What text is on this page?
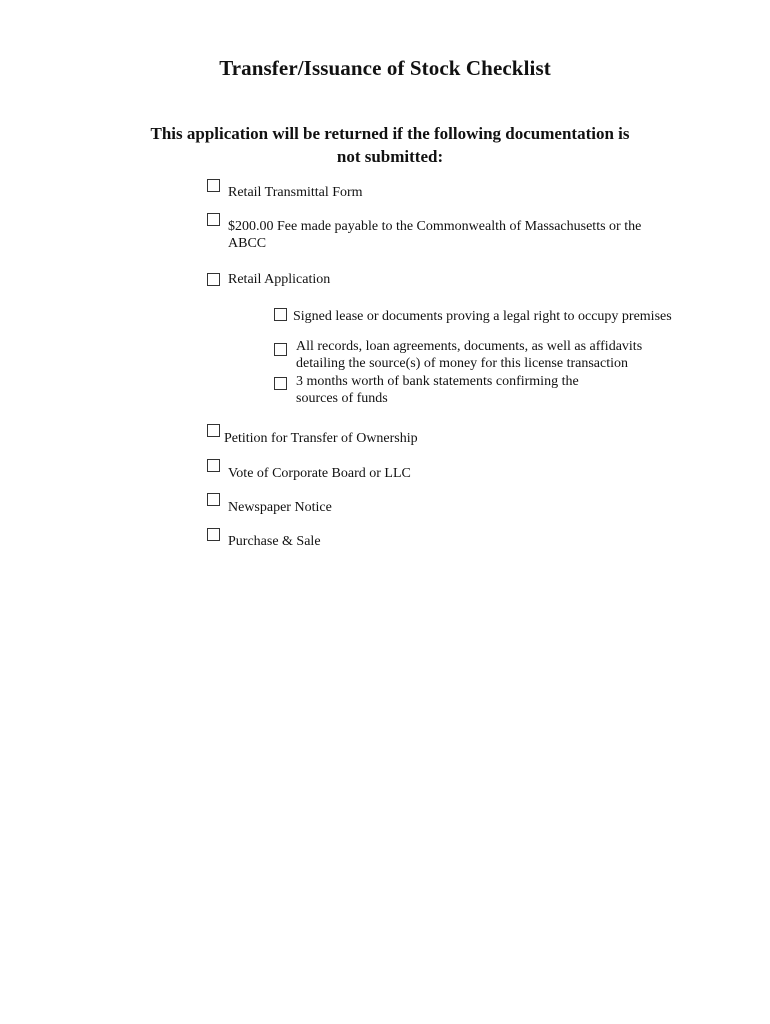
Transfer/Issuance of Stock Checklist
This application will be returned if the following documentation is not submitted:
Retail Transmittal Form
$200.00 Fee made payable to the Commonwealth of Massachusetts or the ABCC
Retail Application
Signed lease or documents proving a legal right to occupy premises
All records, loan agreements, documents, as well as affidavits detailing the source(s) of money for this license transaction
3 months worth of bank statements confirming the sources of funds
Petition for Transfer of Ownership
Vote of Corporate Board or LLC
Newspaper Notice
Purchase & Sale
